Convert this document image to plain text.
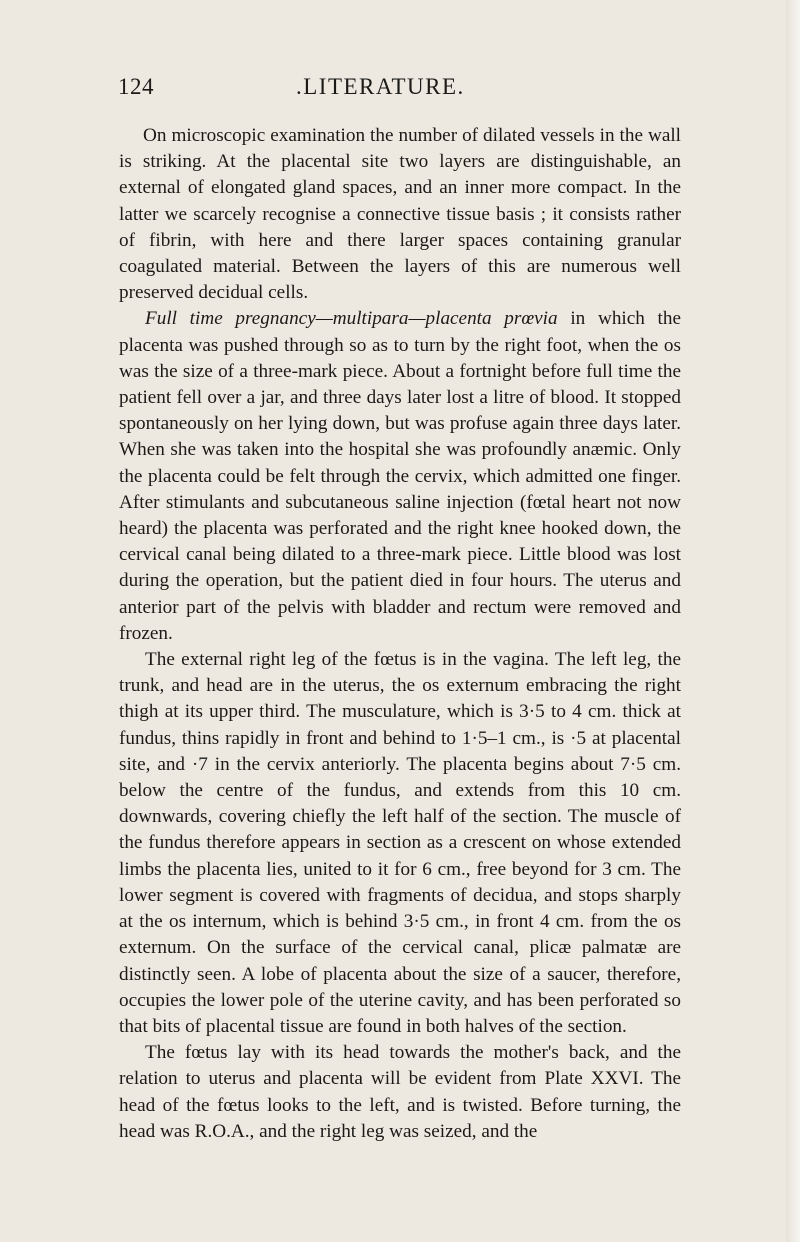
124	.LITERATURE.

On microscopic examination the number of dilated vessels in the wall is striking. At the placental site two layers are distinguishable, an external of elongated gland spaces, and an inner more compact. In the latter we scarcely recognise a connective tissue basis ; it consists rather of fibrin, with here and there larger spaces containing granular coagulated material. Between the layers of this are numerous well preserved decidual cells.

Full time pregnancy—multipara—placenta prœvia in which the placenta was pushed through so as to turn by the right foot, when the os was the size of a three-mark piece. About a fortnight before full time the patient fell over a jar, and three days later lost a litre of blood. It stopped spontaneously on her lying down, but was profuse again three days later. When she was taken into the hospital she was profoundly anæmic. Only the placenta could be felt through the cervix, which admitted one finger. After stimulants and subcutaneous saline injection (fœtal heart not now heard) the placenta was perforated and the right knee hooked down, the cervical canal being dilated to a three-mark piece. Little blood was lost during the operation, but the patient died in four hours. The uterus and anterior part of the pelvis with bladder and rectum were removed and frozen.

The external right leg of the fœtus is in the vagina. The left leg, the trunk, and head are in the uterus, the os externum embracing the right thigh at its upper third. The musculature, which is 3·5 to 4 cm. thick at fundus, thins rapidly in front and behind to 1·5–1 cm., is ·5 at placental site, and ·7 in the cervix anteriorly. The placenta begins about 7·5 cm. below the centre of the fundus, and extends from this 10 cm. downwards, covering chiefly the left half of the section. The muscle of the fundus therefore appears in section as a crescent on whose extended limbs the placenta lies, united to it for 6 cm., free beyond for 3 cm. The lower segment is covered with fragments of decidua, and stops sharply at the os internum, which is behind 3·5 cm., in front 4 cm. from the os externum. On the surface of the cervical canal, plicæ palmatæ are distinctly seen. A lobe of placenta about the size of a saucer, therefore, occupies the lower pole of the uterine cavity, and has been perforated so that bits of placental tissue are found in both halves of the section.

The fœtus lay with its head towards the mother's back, and the relation to uterus and placenta will be evident from Plate XXVI. The head of the fœtus looks to the left, and is twisted. Before turning, the head was R.O.A., and the right leg was seized, and the
